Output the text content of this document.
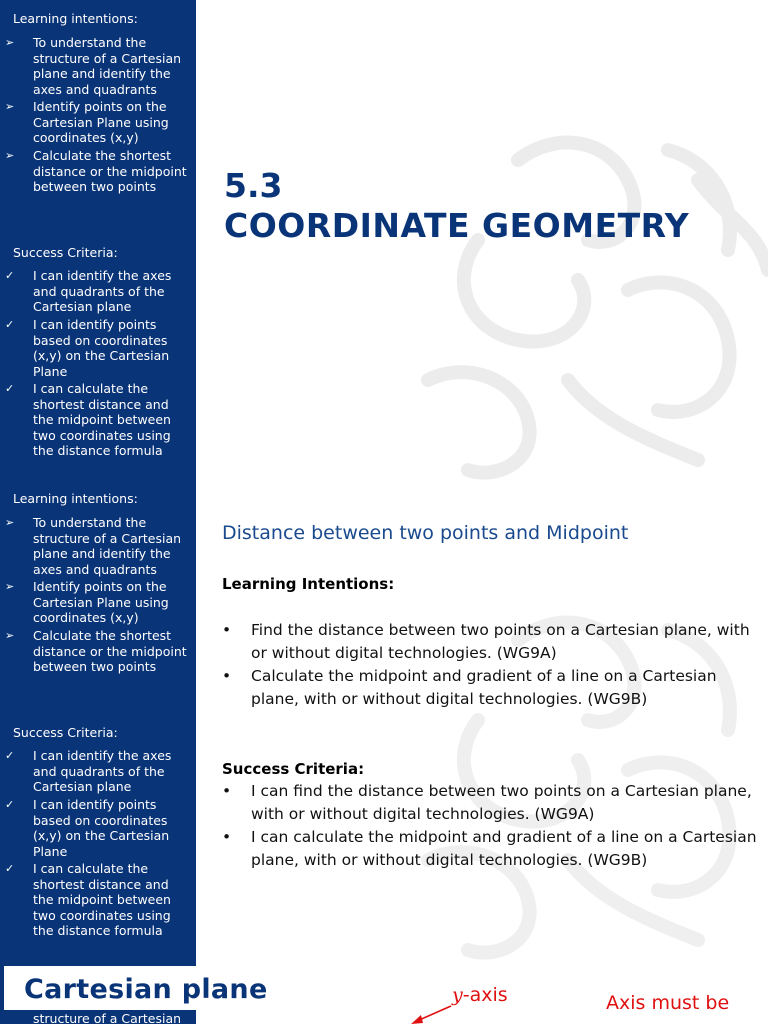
Learning intentions:
➢ To understand the structure of a Cartesian plane and identify the axes and quadrants
➢ Identify points on the Cartesian Plane using coordinates (x,y)
➢ Calculate the shortest distance or the midpoint between two points
Success Criteria:
✓ I can identify the axes and quadrants of the Cartesian plane
✓ I can identify points based on coordinates (x,y) on the Cartesian Plane
✓ I can calculate the shortest distance and the midpoint between two coordinates using the distance formula
5.3
COORDINATE GEOMETRY
Learning intentions:
➢ To understand the structure of a Cartesian plane and identify the axes and quadrants
➢ Identify points on the Cartesian Plane using coordinates (x,y)
➢ Calculate the shortest distance or the midpoint between two points
Success Criteria:
✓ I can identify the axes and quadrants of the Cartesian plane
✓ I can identify points based on coordinates (x,y) on the Cartesian Plane
✓ I can calculate the shortest distance and the midpoint between two coordinates using the distance formula
Distance between two points and Midpoint
Learning Intentions:
• Find the distance between two points on a Cartesian plane, with or without digital technologies. (WG9A)
• Calculate the midpoint and gradient of a line on a Cartesian plane, with or without digital technologies. (WG9B)
Success Criteria:
• I can find the distance between two points on a Cartesian plane, with or without digital technologies. (WG9A)
• I can calculate the midpoint and gradient of a line on a Cartesian plane, with or without digital technologies. (WG9B)
structure of a Cartesian
Cartesian plane	y-axis	Axis must be
